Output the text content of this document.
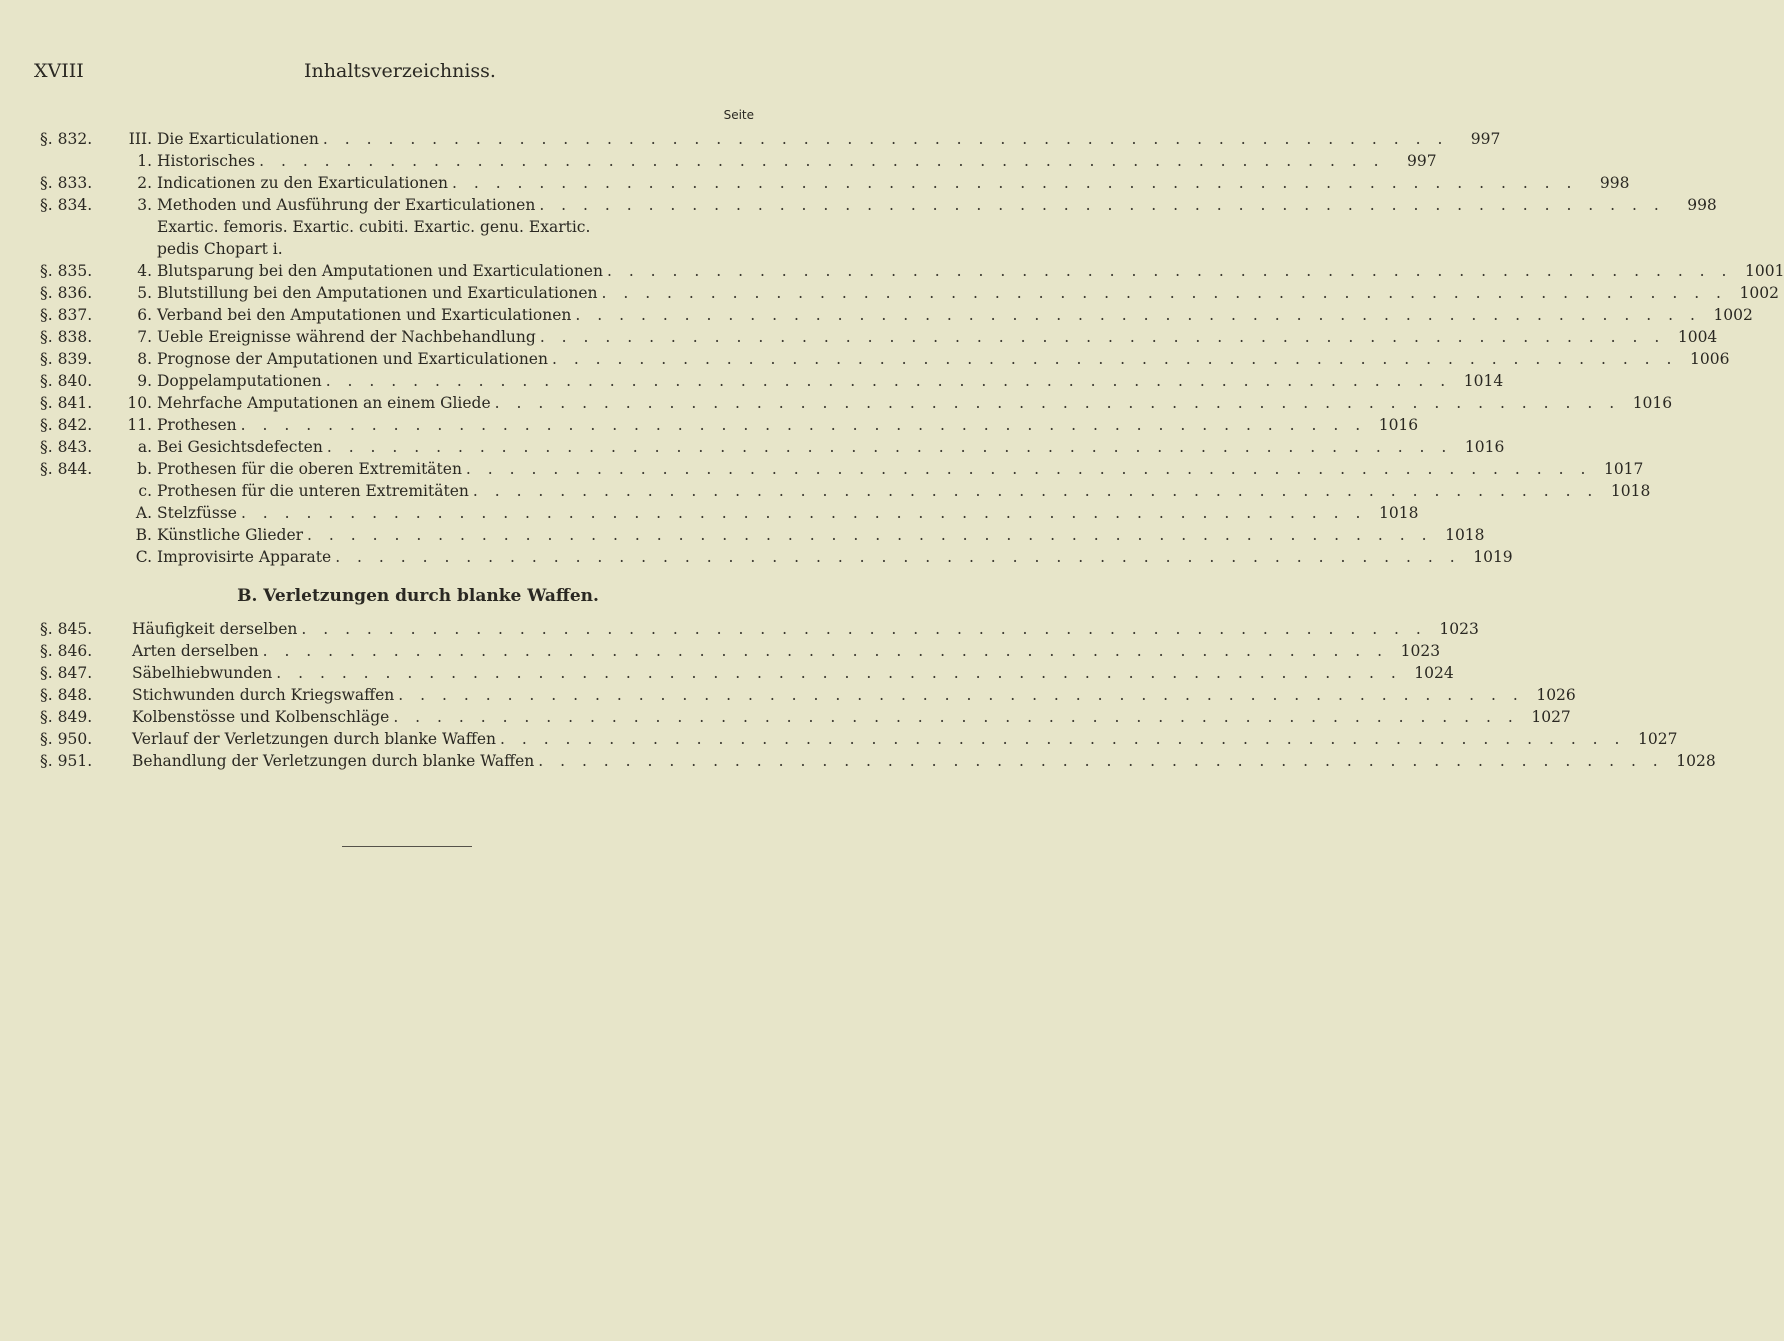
XVIII	Inhaltsverzeichniss.
Seite
§. 832.	III. Die Exarticulationen . . . . . . . . . . . . . . . . . . . . . . . . . . . . . . . . . . . . . . . . . . . . . . . . . . . .	997
1. Historisches . . . . . . . . . . . . . . . . . . . . . . . . . . . . . . . . . . . . . . . . . . . . . . . . . . . .	997
§. 833.	2. Indicationen zu den Exarticulationen . . . . . . . . . . . . . . . . . . . . . . . . . . . . . . . . . . . . . . . . . . . . . . . . . . . .	998
§. 834.	3. Methoden und Ausführung der Exarticulationen . . . . . . . . . . . . . . . . . . . . . . . . . . . . . . . . . . . . . . . . . . . . . . . . . . . .	998
Exartic. femoris. Exartic. cubiti. Exartic. genu. Exartic.
pedis Chopart i.
§. 835.	4. Blutsparung bei den Amputationen und Exarticulationen . . . . . . . . . . . . . . . . . . . . . . . . . . . . . . . . . . . . . . . . . . . . . . . . . . . . 1001
§. 836.	5. Blutstillung bei den Amputationen und Exarticulationen . . . . . . . . . . . . . . . . . . . . . . . . . . . . . . . . . . . . . . . . . . . . . . . . . . . . 1002
§. 837.	6. Verband bei den Amputationen und Exarticulationen . . . . . . . . . . . . . . . . . . . . . . . . . . . . . . . . . . . . . . . . . . . . . . . . . . . . 1002
§. 838.	7. Ueble Ereignisse während der Nachbehandlung . . . . . . . . . . . . . . . . . . . . . . . . . . . . . . . . . . . . . . . . . . . . . . . . . . . . 1004
§. 839.	8. Prognose der Amputationen und Exarticulationen . . . . . . . . . . . . . . . . . . . . . . . . . . . . . . . . . . . . . . . . . . . . . . . . . . . . 1006
§. 840.	9. Doppelamputationen . . . . . . . . . . . . . . . . . . . . . . . . . . . . . . . . . . . . . . . . . . . . . . . . . . . . 1014
§. 841.	10. Mehrfache Amputationen an einem Gliede . . . . . . . . . . . . . . . . . . . . . . . . . . . . . . . . . . . . . . . . . . . . . . . . . . . . 1016
§. 842.	11. Prothesen . . . . . . . . . . . . . . . . . . . . . . . . . . . . . . . . . . . . . . . . . . . . . . . . . . . . 1016
§. 843.	a. Bei Gesichtsdefecten . . . . . . . . . . . . . . . . . . . . . . . . . . . . . . . . . . . . . . . . . . . . . . . . . . . . 1016
§. 844.	b. Prothesen für die oberen Extremitäten . . . . . . . . . . . . . . . . . . . . . . . . . . . . . . . . . . . . . . . . . . . . . . . . . . . . 1017
c. Prothesen für die unteren Extremitäten . . . . . . . . . . . . . . . . . . . . . . . . . . . . . . . . . . . . . . . . . . . . . . . . . . . . 1018
A. Stelzfüsse . . . . . . . . . . . . . . . . . . . . . . . . . . . . . . . . . . . . . . . . . . . . . . . . . . . . 1018
B. Künstliche Glieder . . . . . . . . . . . . . . . . . . . . . . . . . . . . . . . . . . . . . . . . . . . . . . . . . . . . 1018
C. Improvisirte Apparate . . . . . . . . . . . . . . . . . . . . . . . . . . . . . . . . . . . . . . . . . . . . . . . . . . . . 1019
B. Verletzungen durch blanke Waffen.
§. 845.	Häufigkeit derselben . . . . . . . . . . . . . . . . . . . . . . . . . . . . . . . . . . . . . . . . . . . . . . . . . . . . 1023
§. 846.	Arten derselben . . . . . . . . . . . . . . . . . . . . . . . . . . . . . . . . . . . . . . . . . . . . . . . . . . . . 1023
§. 847.	Säbelhiebwunden . . . . . . . . . . . . . . . . . . . . . . . . . . . . . . . . . . . . . . . . . . . . . . . . . . . . 1024
§. 848.	Stichwunden durch Kriegswaffen . . . . . . . . . . . . . . . . . . . . . . . . . . . . . . . . . . . . . . . . . . . . . . . . . . . . 1026
§. 849.	Kolbenstösse und Kolbenschläge . . . . . . . . . . . . . . . . . . . . . . . . . . . . . . . . . . . . . . . . . . . . . . . . . . . . 1027
§. 950.	Verlauf der Verletzungen durch blanke Waffen . . . . . . . . . . . . . . . . . . . . . . . . . . . . . . . . . . . . . . . . . . . . . . . . . . . . 1027
§. 951.	Behandlung der Verletzungen durch blanke Waffen . . . . . . . . . . . . . . . . . . . . . . . . . . . . . . . . . . . . . . . . . . . . . . . . . . . . 1028
